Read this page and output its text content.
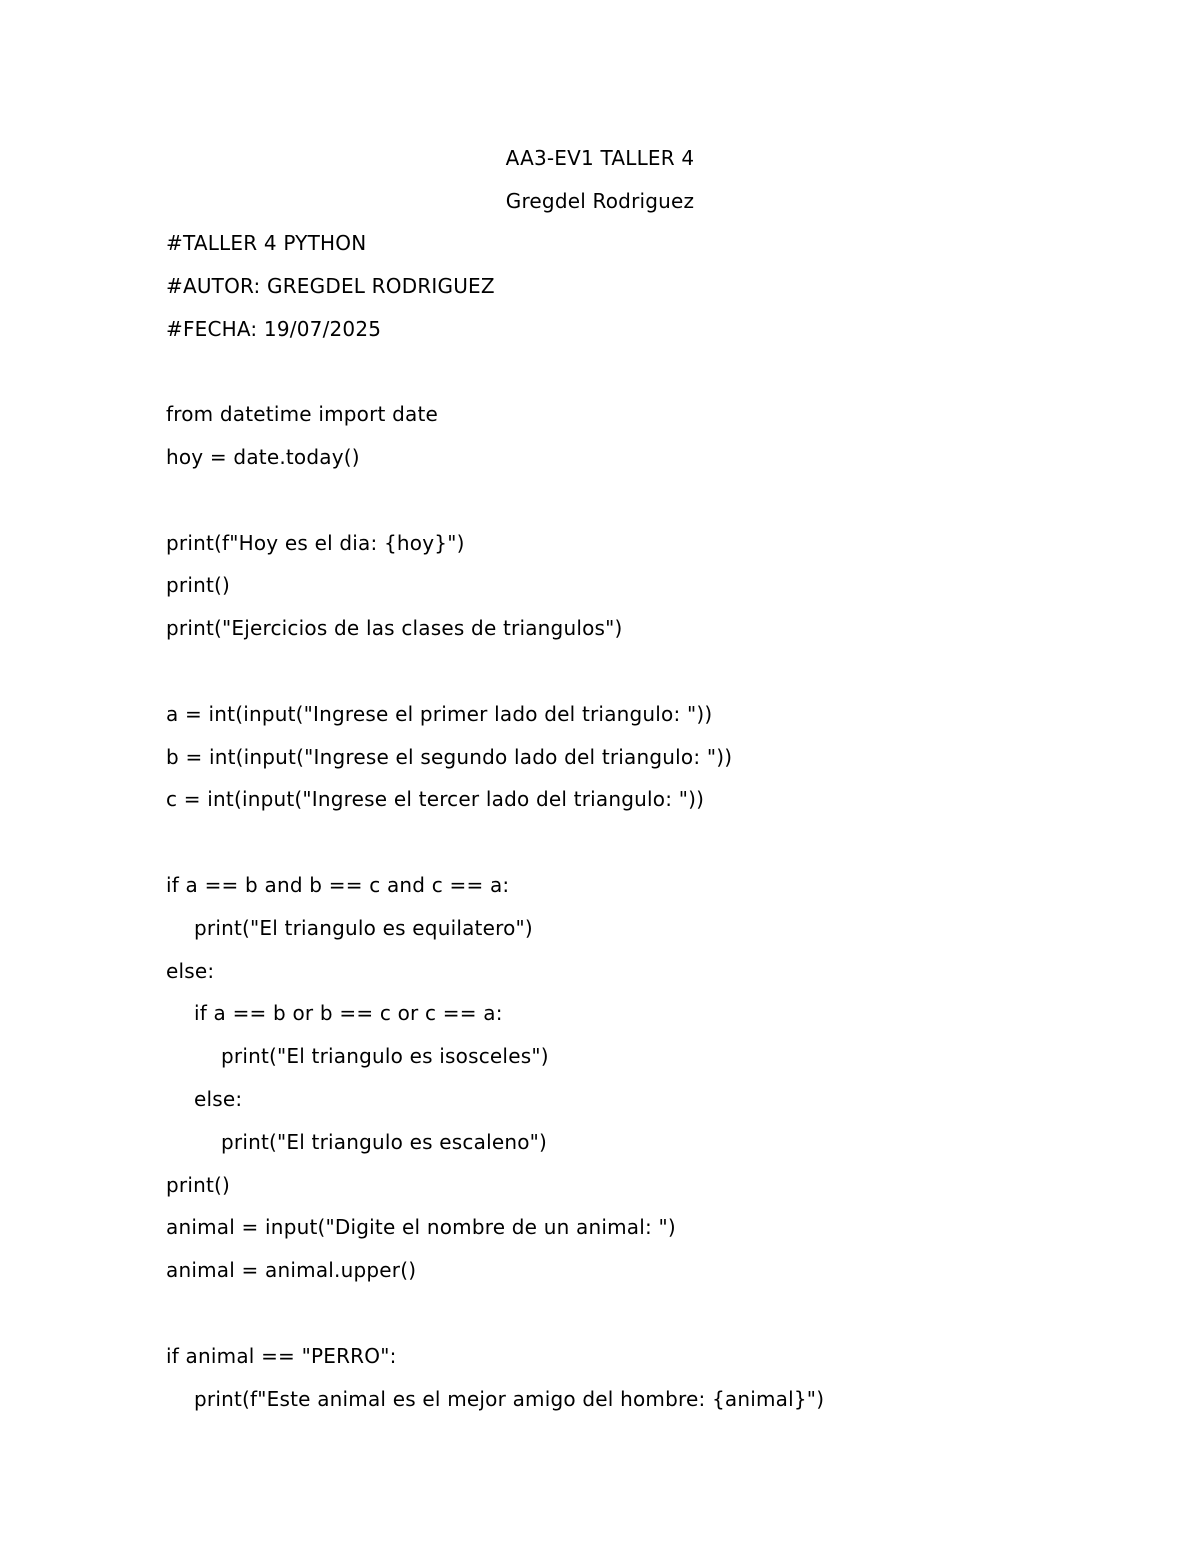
AA3-EV1 TALLER 4
Gregdel Rodriguez
#TALLER 4 PYTHON
#AUTOR: GREGDEL RODRIGUEZ
#FECHA: 19/07/2025
from datetime import date
hoy = date.today()
print(f"Hoy es el dia: {hoy}")
print()
print("Ejercicios de las clases de triangulos")
a = int(input("Ingrese el primer lado del triangulo: "))
b = int(input("Ingrese el segundo lado del triangulo: "))
c = int(input("Ingrese el tercer lado del triangulo: "))
if a == b and b == c and c == a:
print("El triangulo es equilatero")
else:
if a == b or b == c or c == a:
print("El triangulo es isosceles")
else:
print("El triangulo es escaleno")
print()
animal = input("Digite el nombre de un animal: ")
animal = animal.upper()
if animal == "PERRO":
print(f"Este animal es el mejor amigo del hombre: {animal}")
